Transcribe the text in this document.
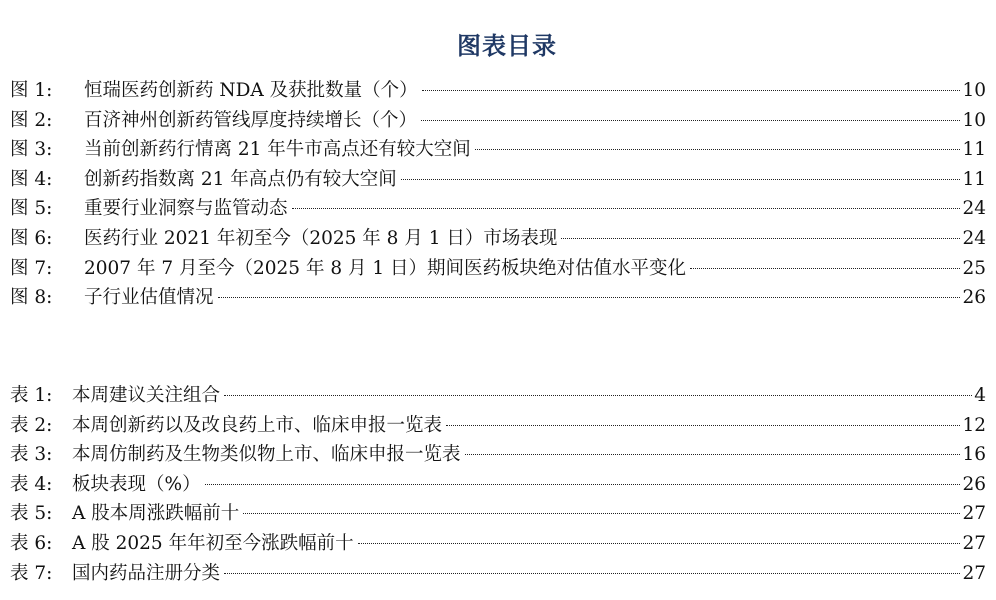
图表目录
图 1:	恒瑞医药创新药 NDA 及获批数量（个）	10
图 2:	百济神州创新药管线厚度持续增长（个）	10
图 3:	当前创新药行情离 21 年牛市高点还有较大空间	11
图 4:	创新药指数离 21 年高点仍有较大空间	11
图 5:	重要行业洞察与监管动态	24
图 6:	医药行业 2021 年初至今（2025 年 8 月 1 日）市场表现	24
图 7:	2007 年 7 月至今（2025 年 8 月 1 日）期间医药板块绝对估值水平变化	25
图 8:	子行业估值情况	26
表 1:	本周建议关注组合	4
表 2:	本周创新药以及改良药上市、临床申报一览表	12
表 3:	本周仿制药及生物类似物上市、临床申报一览表	16
表 4:	板块表现（%）	26
表 5:	A 股本周涨跌幅前十	27
表 6:	A 股 2025 年年初至今涨跌幅前十	27
表 7:	国内药品注册分类	27
